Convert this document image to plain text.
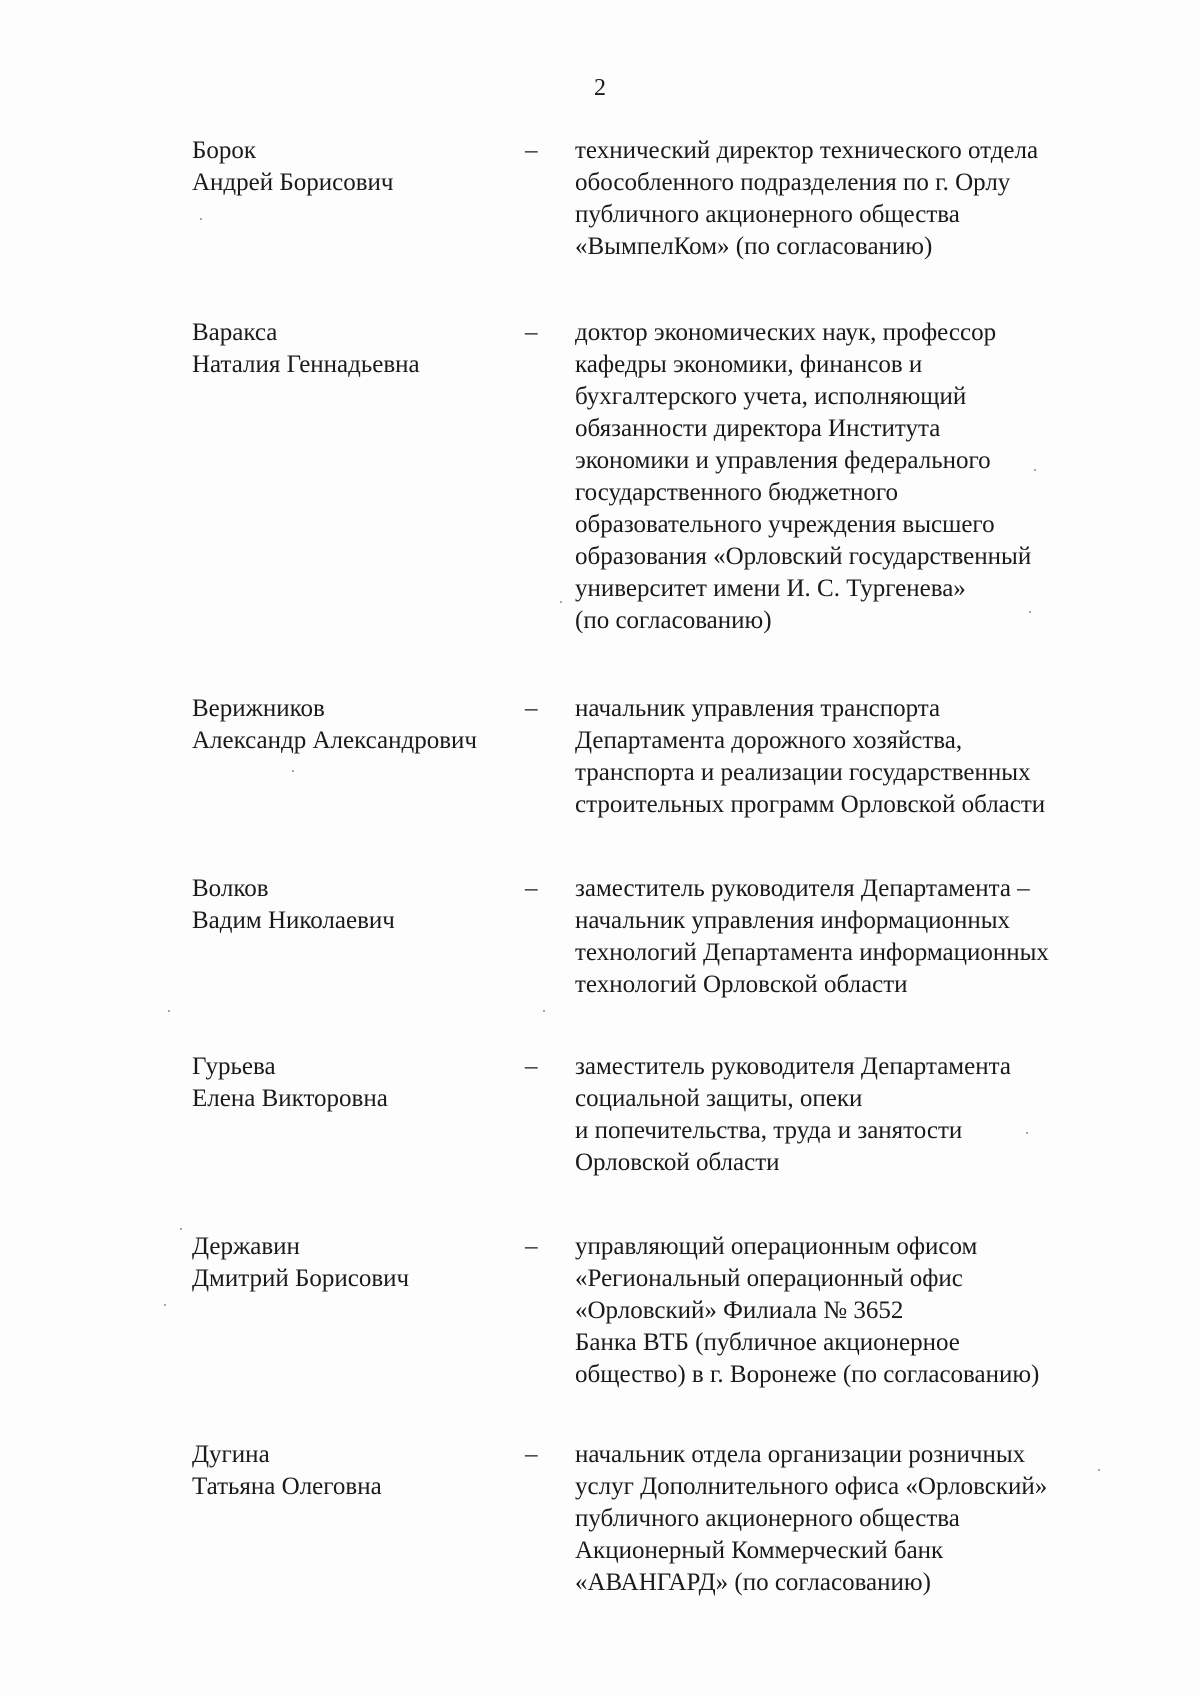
2
Борок
Андрей Борисович
– технический директор технического отдела
обособленного подразделения по г. Орлу
публичного акционерного общества
«ВымпелКом» (по согласованию)
Варакса
Наталия Геннадьевна
– доктор экономических наук, профессор
кафедры экономики, финансов и
бухгалтерского учета, исполняющий
обязанности директора Института
экономики и управления федерального
государственного бюджетного
образовательного учреждения высшего
образования «Орловский государственный
университет имени И. С. Тургенева»
(по согласованию)
Верижников
Александр Александрович
– начальник управления транспорта
Департамента дорожного хозяйства,
транспорта и реализации государственных
строительных программ Орловской области
Волков
Вадим Николаевич
– заместитель руководителя Департамента –
начальник управления информационных
технологий Департамента информационных
технологий Орловской области
Гурьева
Елена Викторовна
– заместитель руководителя Департамента
социальной защиты, опеки
и попечительства, труда и занятости
Орловской области
Державин
Дмитрий Борисович
– управляющий операционным офисом
«Региональный операционный офис
«Орловский» Филиала № 3652
Банка ВТБ (публичное акционерное
общество) в г. Воронеже (по согласованию)
Дугина
Татьяна Олеговна
– начальник отдела организации розничных
услуг Дополнительного офиса «Орловский»
публичного акционерного общества
Акционерный Коммерческий банк
«АВАНГАРД» (по согласованию)
